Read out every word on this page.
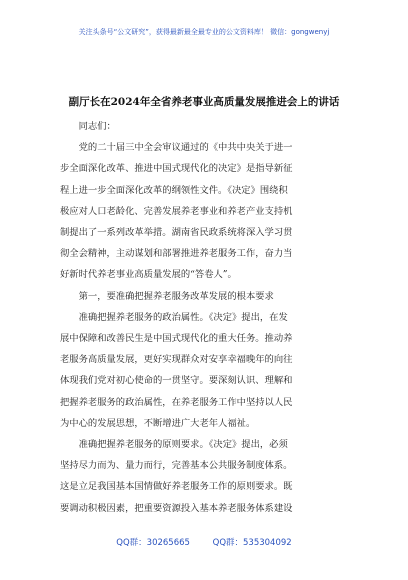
关注头条号“公文研究”，获得最新最全最专业的公文资料库！ 微信：gongwenyj
副厅长在2024年全省养老事业高质量发展推进会上的讲话

同志们：

党的二十届三中全会审议通过的《中共中央关于进一

步全面深化改革、推进中国式现代化的决定》是指导新征

程上进一步全面深化改革的纲领性文件。《决定》围绕积

极应对人口老龄化、完善发展养老事业和养老产业支持机

制提出了一系列改革举措。湖南省民政系统将深入学习贯

彻全会精神，主动谋划和部署推进养老服务工作，奋力当

好新时代养老事业高质量发展的“答卷人”。

第一，要准确把握养老服务改革发展的根本要求

准确把握养老服务的政治属性。《决定》提出，在发

展中保障和改善民生是中国式现代化的重大任务。推动养

老服务高质量发展，更好实现群众对安享幸福晚年的向往

体现我们党对初心使命的一贯坚守。要深刻认识、理解和

把握养老服务的政治属性，在养老服务工作中坚持以人民

为中心的发展思想，不断增进广大老年人福祉。

准确把握养老服务的原则要求。《决定》提出，必须

坚持尽力而为、量力而行，完善基本公共服务制度体系。

这是立足我国基本国情做好养老服务工作的原则要求。既

要调动积极因素，把重要资源投入基本养老服务体系建设

QQ群：30265665	QQ群：535304092
